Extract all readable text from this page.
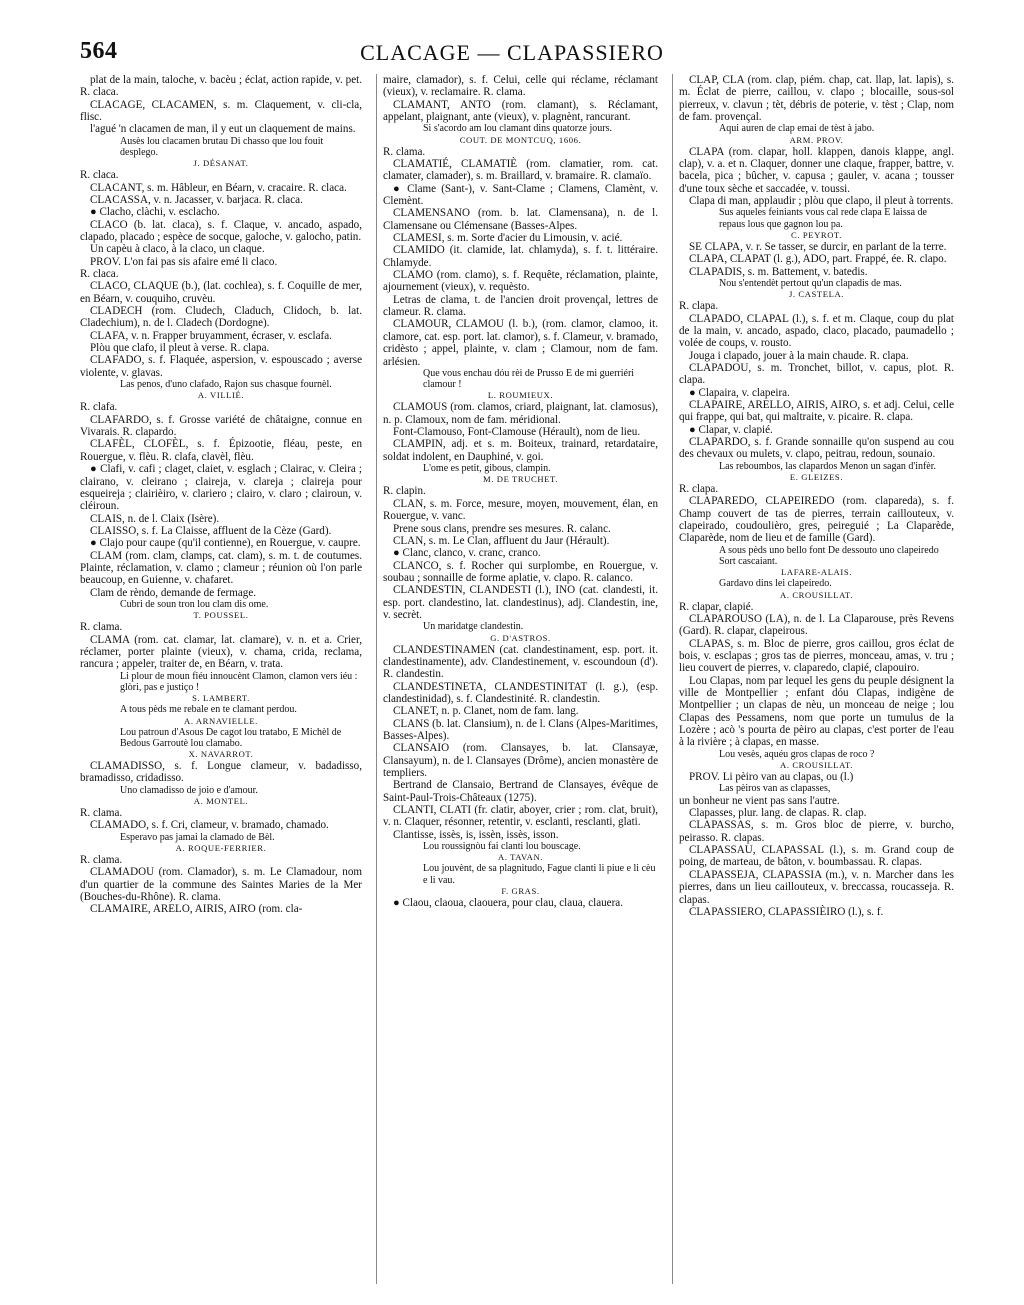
564	CLACAGE — CLAPASSIERO

plat de la main, taloche, v. bacèu ; éclat, action rapide, v. pet. R. claca.

CLACAGE, CLACAMEN, s. m. Claquement, v. cli-cla, flisc.

l'agué 'n clacamen de man, il y eut un claquement de mains.

Ausès lou clacamen brutau Di chasso que lou fouit desplego.

J. DÉSANAT.

R. claca.

CLACANT, s. m. Hâbleur, en Béarn, v. cracaire. R. claca.

CLACASSA, v. n. Jacasser, v. barjaca. R. claca.

● Clacho, clàchi, v. esclacho.

CLACO (b. lat. claca), s. f. Claque, v. ancado, aspado, clapado, placado ; espèce de socque, galoche, v. galocho, patin.

Un capèu à claco, à la claco, un claque.

PROV. L'on fai pas sis afaire emé li claco.

R. claca.

CLACO, CLAQUE (b.), (lat. cochlea), s. f. Coquille de mer, en Béarn, v. couquiho, cruvèu.

CLADECH (rom. Cludech, Claduch, Clidoch, b. lat. Cladechium), n. de l. Cladech (Dordogne).

CLAFA, v. n. Frapper bruyamment, écraser, v. esclafa.

Plòu que clafo, il pleut à verse. R. clapa.

CLAFADO, s. f. Flaquée, aspersion, v. espouscado ; averse violente, v. glavas.

Las penos, d'uno clafado, Rajon sus chasque fournèl.

A. VILLIÉ.

R. clafa.

CLAFARDO, s. f. Grosse variété de châtaigne, connue en Vivarais. R. clapardo.

CLAFÈL, CLOFÈL, s. f. Épizootie, fléau, peste, en Rouergue, v. flèu. R. clafa, clavèl, flèu.

● Clafi, v. cafi ; claget, claiet, v. esglach ; Clairac, v. Cleira ; clairano, v. cleirano ; claireja, v. clareja ; claireja pour esqueireja ; clairièiro, v. clariero ; clairo, v. claro ; clairoun, v. cléiroun.

CLAIS, n. de l. Claix (Isère).

CLAISSO, s. f. La Claisse, affluent de la Cèze (Gard).

● Clajo pour caupe (qu'il contienne), en Rouergue, v. caupre.

CLAM (rom. clam, clamps, cat. clam), s. m. t. de coutumes. Plainte, réclamation, v. clamo ; clameur ; réunion où l'on parle beaucoup, en Guienne, v. chafaret.

Clam de rèndo, demande de fermage.

Cubri de soun tron lou clam dis ome.

T. POUSSEL.

R. clama.

CLAMA (rom. cat. clamar, lat. clamare), v. n. et a. Crier, réclamer, porter plainte (vieux), v. chama, crida, reclama, rancura ; appeler, traiter de, en Béarn, v. trata.

Li plour de moun fiéu innoucènt Clamon, clamon vers iéu : glòri, pas e justiço !

S. LAMBERT.

A tous pèds me rebale en te clamant perdou.

A. ARNAVIELLE.

Lou patroun d'Asous De cagot lou tratabo, E Michèl de Bedous Garroutè lou clamabo.

X. NAVARROT.

CLAMADISSO, s. f. Longue clameur, v. badadisso, bramadisso, cridadisso.

Uno clamadisso de joio e d'amour.

A. MONTEL.

R. clama.

CLAMADO, s. f. Cri, clameur, v. bramado, chamado.

Esperavo pas jamai la clamado de Bèl.

A. ROQUE-FERRIER.

R. clama.

CLAMADOU (rom. Clamador), s. m. Le Clamadour, nom d'un quartier de la commune des Saintes Maries de la Mer (Bouches-du-Rhône). R. clama.

CLAMAIRE, ARELO, AIRIS, AIRO (rom. cla-

maire, clamador), s. f. Celui, celle qui réclame, réclamant (vieux), v. reclamaire. R. clama.

CLAMANT, ANTO (rom. clamant), s. Réclamant, appelant, plaignant, ante (vieux), v. plagnènt, rancurant.

Si s'acordo am lou clamant dins quatorze jours.

COUT. DE MONTCUQ, 1606.

R. clama.

CLAMATIÉ, CLAMATIÈ (rom. clamatier, rom. cat. clamater, clamader), s. m. Braillard, v. bramaire. R. clamaïo.

● Clame (Sant-), v. Sant-Clame ; Clamens, Clamènt, v. Clemènt.

CLAMENSANO (rom. b. lat. Clamensana), n. de l. Clamensane ou Clémensane (Basses-Alpes.

CLAMESI, s. m. Sorte d'acier du Limousin, v. acié.

CLAMIDO (it. clamide, lat. chlamyda), s. f. t. littéraire. Chlamyde.

CLAMO (rom. clamo), s. f. Requête, réclamation, plainte, ajournement (vieux), v. requèsto.

Letras de clama, t. de l'ancien droit provençal, lettres de clameur. R. clama.

CLAMOUR, CLAMOU (l. b.), (rom. clamor, clamoo, it. clamore, cat. esp. port. lat. clamor), s. f. Clameur, v. bramado, cridèsto ; appel, plainte, v. clam ; Clamour, nom de fam. arlésien.

Que vous enchau dóu rèi de Prusso E de mi guerriéri clamour !

L. ROUMIEUX.

CLAMOUS (rom. clamos, criard, plaignant, lat. clamosus), n. p. Clamoux, nom de fam. méridional.

Font-Clamouso, Font-Clamouse (Hérault), nom de lieu.

CLAMPIN, adj. et s. m. Boiteux, trainard, retardataire, soldat indolent, en Dauphiné, v. goi.

L'ome es petit, gibous, clampin.

M. DE TRUCHET.

R. clapin.

CLAN, s. m. Force, mesure, moyen, mouvement, élan, en Rouergue, v. vanc.

Prene sous clans, prendre ses mesures. R. calanc.

CLAN, s. m. Le Clan, affluent du Jaur (Hérault).

● Clanc, clanco, v. cranc, cranco.

CLANCO, s. f. Rocher qui surplombe, en Rouergue, v. soubau ; sonnaille de forme aplatie, v. clapo. R. calanco.

CLANDESTIN, CLANDESTI (l.), INO (cat. clandesti, it. esp. port. clandestino, lat. clandestinus), adj. Clandestin, ine, v. secrèt.

Un maridatge clandestin.

G. D'ASTROS.

CLANDESTINAMEN (cat. clandestinament, esp. port. it. clandestinamente), adv. Clandestinement, v. escoundoun (d'). R. clandestin.

CLANDESTINETA, CLANDESTINITAT (l. g.), (esp. clandestinidad), s. f. Clandestinité. R. clandestin.

CLANET, n. p. Clanet, nom de fam. lang.

CLANS (b. lat. Clansium), n. de l. Clans (Alpes-Maritimes, Basses-Alpes).

CLANSAIO (rom. Clansayes, b. lat. Clansayæ, Clansayum), n. de l. Clansayes (Drôme), ancien monastère de templiers.

Bertrand de Clansaio, Bertrand de Clansayes, évêque de Saint-Paul-Trois-Châteaux (1275).

CLANTI, CLATI (fr. clatir, aboyer, crier ; rom. clat, bruit), v. n. Claquer, résonner, retentir, v. esclanti, resclanti, glati.

Clantisse, issès, is, issèn, issès, isson.

Lou roussignòu fai clanti lou bouscage.

A. TAVAN.

Lou jouvènt, de sa plagnitudo, Fague clanti li piue e li cèu e li vau.

F. GRAS.

● Claou, claoua, claouera, pour clau, claua, clauera.

CLAP, CLA (rom. clap, piém. chap, cat. llap, lat. lapis), s. m. Éclat de pierre, caillou, v. clapo ; blocaille, sous-sol pierreux, v. clavun ; tèt, débris de poterie, v. tèst ; Clap, nom de fam. provençal.

Aqui auren de clap emai de tèst à jabo.

ARM. PROV.

CLAPA (rom. clapar, holl. klappen, danois klappe, angl. clap), v. a. et n. Claquer, donner une claque, frapper, battre, v. bacela, pica ; bûcher, v. capusa ; gauler, v. acana ; tousser d'une toux sèche et saccadée, v. toussi.

Clapa di man, applaudir ; plòu que clapo, il pleut à torrents.

Sus aqueles feiniants vous cal rede clapa E laissa de repaus lous que gagnon lou pa.

C. PEYROT.

SE CLAPA, v. r. Se tasser, se durcir, en parlant de la terre.

CLAPA, CLAPAT (l. g.), ADO, part. Frappé, ée. R. clapo.

CLAPADIS, s. m. Battement, v. batedis.

Nou s'entendèt pertout qu'un clapadis de mas.

J. CASTELA.

R. clapa.

CLAPADO, CLAPAL (l.), s. f. et m. Claque, coup du plat de la main, v. ancado, aspado, claco, placado, paumadello ; volée de coups, v. rousto.

Jouga i clapado, jouer à la main chaude. R. clapa.

CLAPADOU, s. m. Tronchet, billot, v. capus, plot. R. clapa.

● Clapaira, v. clapeira.

CLAPAIRE, ARELLO, AIRIS, AIRO, s. et adj. Celui, celle qui frappe, qui bat, qui maltraite, v. picaire. R. clapa.

● Clapar, v. clapié.

CLAPARDO, s. f. Grande sonnaille qu'on suspend au cou des chevaux ou mulets, v. clapo, peitrau, redoun, sounaio.

Las reboumbos, las clapardos Menon un sagan d'infèr.

E. GLEIZES.

R. clapa.

CLAPAREDO, CLAPEIREDO (rom. clapareda), s. f. Champ couvert de tas de pierres, terrain caillouteux, v. clapeirado, coudoulièro, gres, peireguié ; La Claparède, Claparède, nom de lieu et de famille (Gard).

A sous pèds uno bello font De dessouto uno clapeiredo Sort cascaiant.

LAFARE-ALAIS.

Gardavo dins lei clapeiredo.

A. CROUSILLAT.

R. clapar, clapié.

CLAPAROUSO (LA), n. de l. La Claparouse, près Revens (Gard). R. clapar, clapeirous.

CLAPAS, s. m. Bloc de pierre, gros caillou, gros éclat de bois, v. esclapas ; gros tas de pierres, monceau, amas, v. tru ; lieu couvert de pierres, v. claparedo, clapié, clapouiro.

Lou Clapas, nom par lequel les gens du peuple désignent la ville de Montpellier ; enfant dóu Clapas, indigène de Montpellier ; un clapas de nèu, un monceau de neige ; lou Clapas des Pessamens, nom que porte un tumulus de la Lozère ; acò 's pourta de pèiro au clapas, c'est porter de l'eau à la rivière ; à clapas, en masse.

Lou vesès, aquéu gros clapas de roco ?

A. CROUSILLAT.

PROV. Li pèiro van au clapas, ou (l.)

Las pèiros van as clapasses,

un bonheur ne vient pas sans l'autre.

Clapasses, plur. lang. de clapas. R. clap.

CLAPASSAS, s. m. Gros bloc de pierre, v. burcho, peirasso. R. clapas.

CLAPASSAU, CLAPASSAL (l.), s. m. Grand coup de poing, de marteau, de bâton, v. boumbassau. R. clapas.

CLAPASSEJA, CLAPASSIA (m.), v. n. Marcher dans les pierres, dans un lieu caillouteux, v. breccassa, roucasseja. R. clapas.

CLAPASSIERO, CLAPASSIÈIRO (l.), s. f.
